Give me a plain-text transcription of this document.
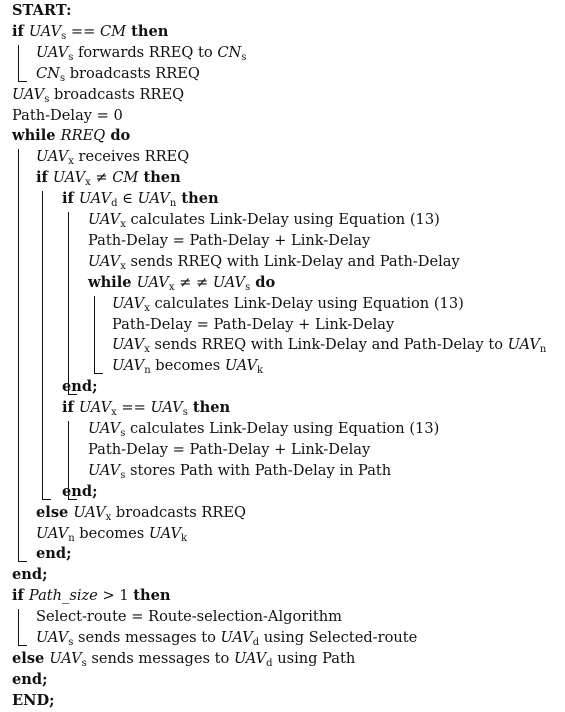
START:
if $UAV_s$ == CM then
$UAV_s$ forwards RREQ to $CN_s$
$CN_s$ broadcasts RREQ
$UAV_s$ broadcasts RREQ
Path-Delay = 0
while RREQ do
$UAV_x$ receives RREQ
if $UAV_x$ ≠ CM then
if $UAV_d$ ∈ $UAV_n$ then
$UAV_x$ calculates Link-Delay using Equation (13)
Path-Delay = Path-Delay + Link-Delay
$UAV_x$ sends RREQ with Link-Delay and Path-Delay
while $UAV_x$ ≠ ≠ $UAV_s$ do
$UAV_x$ calculates Link-Delay using Equation (13)
Path-Delay = Path-Delay + Link-Delay
$UAV_x$ sends RREQ with Link-Delay and Path-Delay to $UAV_n$
$UAV_n$ becomes $UAV_k$
end;
if $UAV_x == UAV_s$ then
$UAV_s$ calculates Link-Delay using Equation (13)
Path-Delay = Path-Delay + Link-Delay
$UAV_s$ stores Path with Path-Delay in Path
end;
else $UAV_x$ broadcasts RREQ
$UAV_n$ becomes $UAV_k$
end;
end;
if Path_size > 1 then
Select-route = Route-selection-Algorithm
$UAV_s$ sends messages to $UAV_d$ using Selected-route
else $UAV_s$ sends messages to $UAV_d$ using Path
end;
END;
